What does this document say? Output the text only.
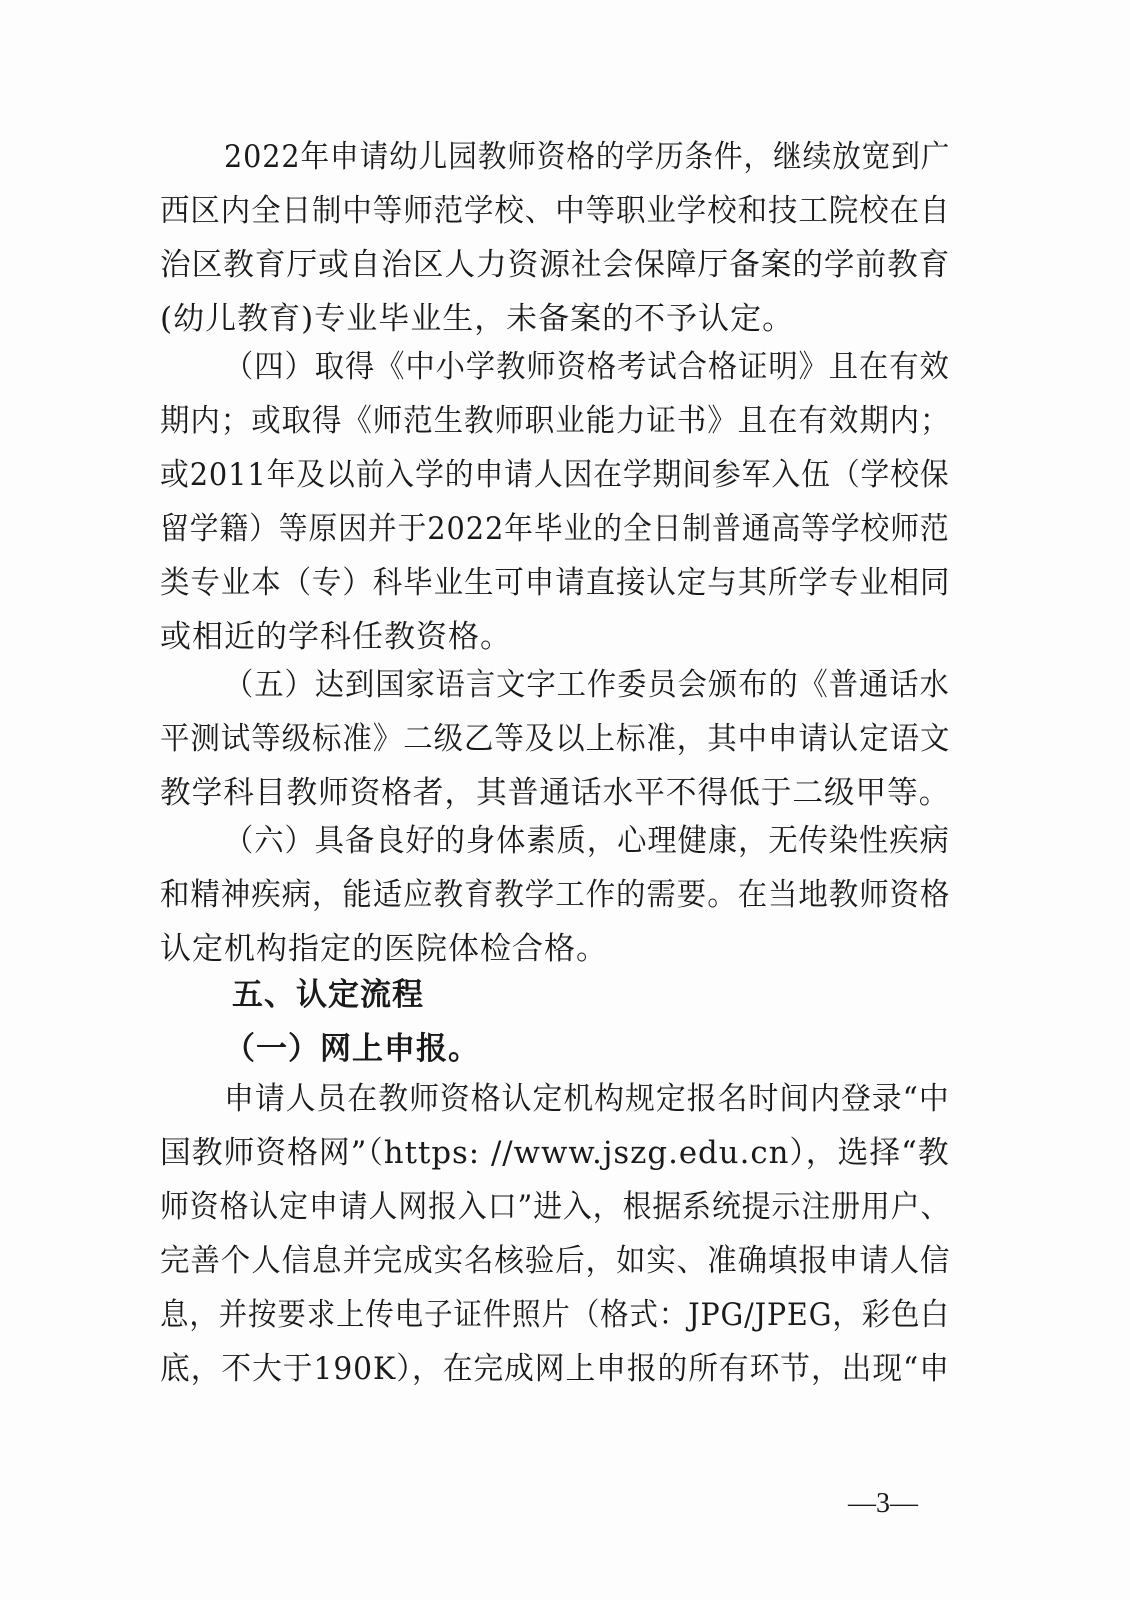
2022年申请幼儿园教师资格的学历条件，继续放宽到广
西区内全日制中等师范学校、中等职业学校和技工院校在自
治区教育厅或自治区人力资源社会保障厅备案的学前教育
(幼儿教育)专业毕业生，未备案的不予认定。
（四）取得《中小学教师资格考试合格证明》且在有效
期内；或取得《师范生教师职业能力证书》且在有效期内；
或2011年及以前入学的申请人因在学期间参军入伍（学校保
留学籍）等原因并于2022年毕业的全日制普通高等学校师范
类专业本（专）科毕业生可申请直接认定与其所学专业相同
或相近的学科任教资格。
（五）达到国家语言文字工作委员会颁布的《普通话水
平测试等级标准》二级乙等及以上标准，其中申请认定语文
教学科目教师资格者，其普通话水平不得低于二级甲等。
（六）具备良好的身体素质，心理健康，无传染性疾病
和精神疾病，能适应教育教学工作的需要。在当地教师资格
认定机构指定的医院体检合格。
五、认定流程
（一）网上申报。
申请人员在教师资格认定机构规定报名时间内登录“中
国教师资格网”（https: //www.jszg.edu.cn），选择“教
师资格认定申请人网报入口”进入，根据系统提示注册用户、
完善个人信息并完成实名核验后，如实、准确填报申请人信
息，并按要求上传电子证件照片（格式：JPG/JPEG，彩色白
底，不大于190K），在完成网上申报的所有环节，出现“申
—3—
